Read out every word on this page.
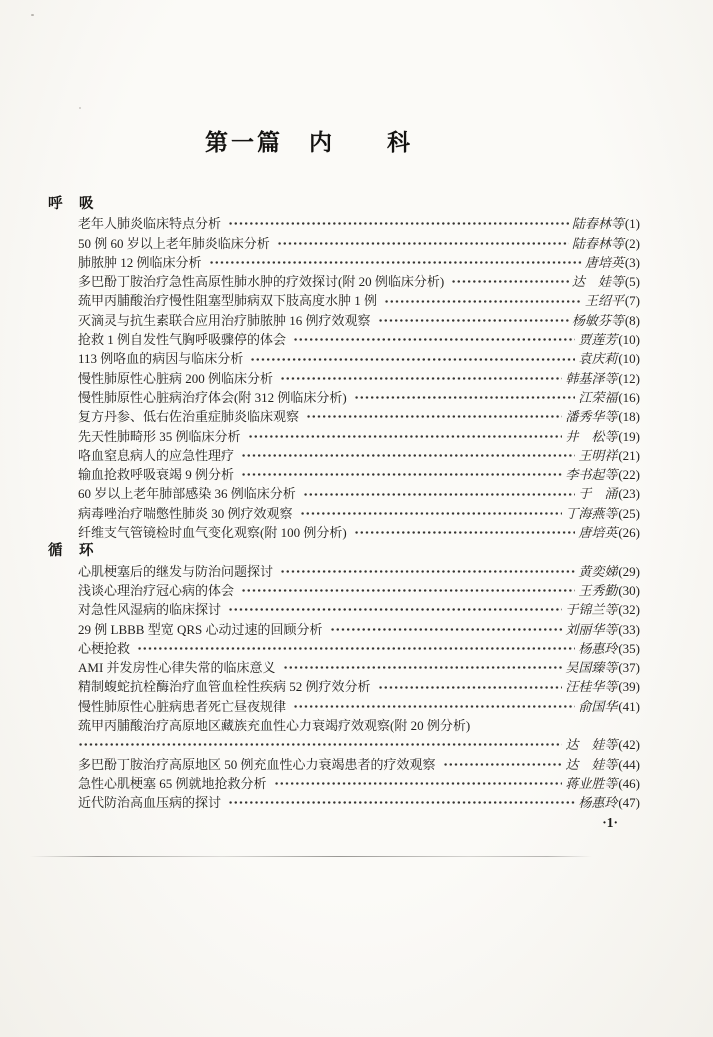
第一篇　内　　科
呼　吸
老年人肺炎临床特点分析	陆春林等(1)
50 例 60 岁以上老年肺炎临床分析	陆春林等(2)
肺脓肿 12 例临床分析	唐培英(3)
多巴酚丁胺治疗急性高原性肺水肿的疗效探讨(附 20 例临床分析)	达　娃等(5)
巯甲丙脯酸治疗慢性阻塞型肺病双下肢高度水肿 1 例	王绍平(7)
灭滴灵与抗生素联合应用治疗肺脓肿 16 例疗效观察	杨敏芬等(8)
抢救 1 例自发性气胸呼吸骤停的体会	贾莲芳(10)
113 例咯血的病因与临床分析	袁庆莉(10)
慢性肺原性心脏病 200 例临床分析	韩基泽等(12)
慢性肺原性心脏病治疗体会(附 312 例临床分析)	江荣福(16)
复方丹参、低右佐治重症肺炎临床观察	潘秀华等(18)
先天性肺畸形 35 例临床分析	井　松等(19)
咯血窒息病人的应急性理疗	王明祥(21)
输血抢救呼吸衰竭 9 例分析	李书起等(22)
60 岁以上老年肺部感染 36 例临床分析	于　涌(23)
病毒唑治疗喘憋性肺炎 30 例疗效观察	丁海燕等(25)
纤维支气管镜检时血气变化观察(附 100 例分析)	唐培英(26)
循　环
心肌梗塞后的继发与防治问题探讨	黄奕娣(29)
浅谈心理治疗冠心病的体会	王秀勤(30)
对急性风湿病的临床探讨	于锦兰等(32)
29 例 LBBB 型宽 QRS 心动过速的回顾分析	刘丽华等(33)
心梗抢救	杨惠玲(35)
AMI 并发房性心律失常的临床意义	吴国臻等(37)
精制蝮蛇抗栓酶治疗血管血栓性疾病 52 例疗效分析	汪桂华等(39)
慢性肺原性心脏病患者死亡昼夜规律	俞国华(41)
巯甲丙脯酸治疗高原地区藏族充血性心力衰竭疗效观察(附 20 例分析)
达　娃等(42)
多巴酚丁胺治疗高原地区 50 例充血性心力衰竭患者的疗效观察	达　娃等(44)
急性心肌梗塞 65 例就地抢救分析	蒋业胜等(46)
近代防治高血压病的探讨	杨惠玲(47)
·1·
